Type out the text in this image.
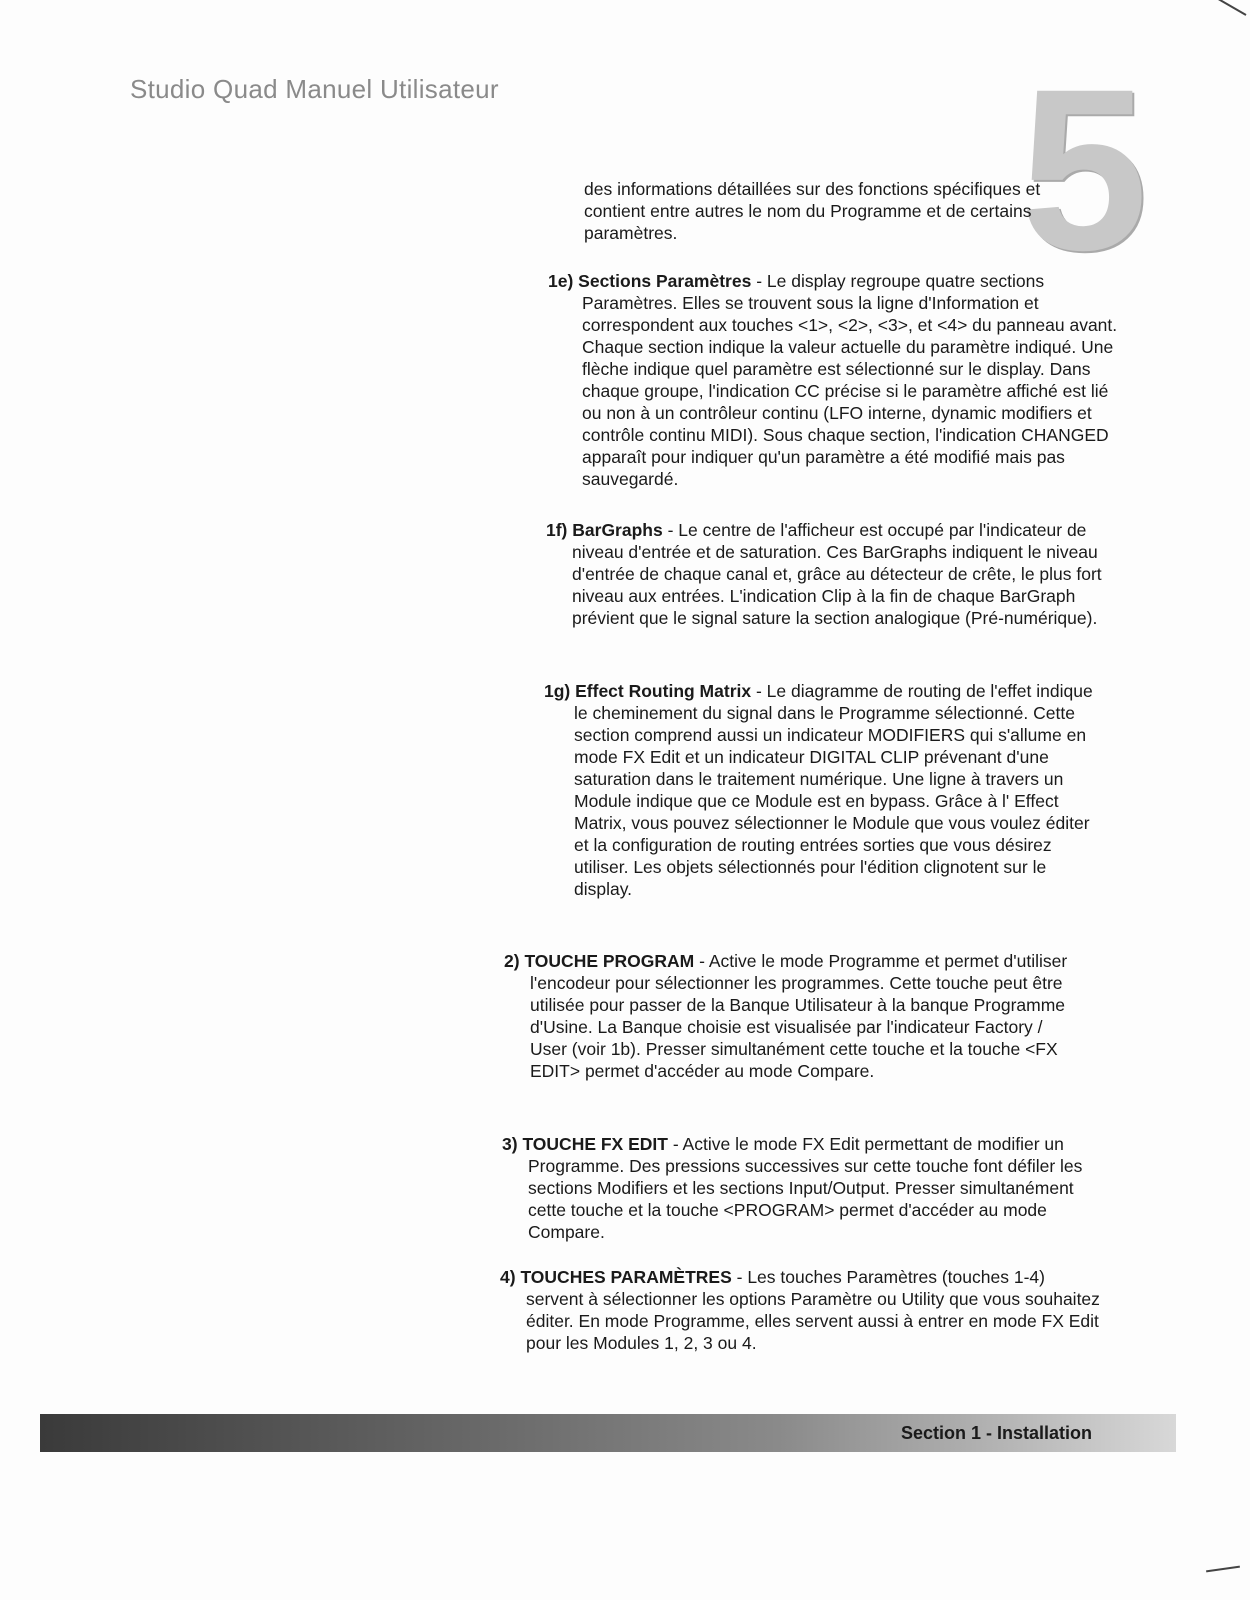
Studio Quad Manuel Utilisateur 5
des informations détaillées sur des fonctions spécifiques et contient entre autres le nom du Programme et de certains paramètres.
1e) Sections Paramètres - Le display regroupe quatre sections Paramètres. Elles se trouvent sous la ligne d'Information et correspondent aux touches <1>, <2>, <3>, et <4> du panneau avant. Chaque section indique la valeur actuelle du paramètre indiqué. Une flèche indique quel paramètre est sélectionné sur le display. Dans chaque groupe, l'indication CC précise si le paramètre affiché est lié ou non à un contrôleur continu (LFO interne, dynamic modifiers et contrôle continu MIDI). Sous chaque section, l'indication CHANGED apparaît pour indiquer qu'un paramètre a été modifié mais pas sauvegardé.
1f) BarGraphs - Le centre de l'afficheur est occupé par l'indicateur de niveau d'entrée et de saturation. Ces BarGraphs indiquent le niveau d'entrée de chaque canal et, grâce au détecteur de crête, le plus fort niveau aux entrées. L'indication Clip à la fin de chaque BarGraph prévient que le signal sature la section analogique (Pré-numérique).
1g) Effect Routing Matrix - Le diagramme de routing de l'effet indique le cheminement du signal dans le Programme sélectionné. Cette section comprend aussi un indicateur MODIFIERS qui s'allume en mode FX Edit et un indicateur DIGITAL CLIP prévenant d'une saturation dans le traitement numérique. Une ligne à travers un Module indique que ce Module est en bypass. Grâce à l' Effect Matrix, vous pouvez sélectionner le Module que vous voulez éditer et la configuration de routing entrées sorties que vous désirez utiliser. Les objets sélectionnés pour l'édition clignotent sur le display.
2) TOUCHE PROGRAM - Active le mode Programme et permet d'utiliser l'encodeur pour sélectionner les programmes. Cette touche peut être utilisée pour passer de la Banque Utilisateur à la banque Programme d'Usine. La Banque choisie est visualisée par l'indicateur Factory / User (voir 1b). Presser simultanément cette touche et la touche <FX EDIT> permet d'accéder au mode Compare.
3) TOUCHE FX EDIT - Active le mode FX Edit permettant de modifier un Programme. Des pressions successives sur cette touche font défiler les sections Modifiers et les sections Input/Output. Presser simultanément cette touche et la touche <PROGRAM> permet d'accéder au mode Compare.
4) TOUCHES PARAMÈTRES - Les touches Paramètres (touches 1-4) servent à sélectionner les options Paramètre ou Utility que vous souhaitez éditer. En mode Programme, elles servent aussi à entrer en mode FX Edit pour les Modules 1, 2, 3 ou 4.
Section 1 - Installation
